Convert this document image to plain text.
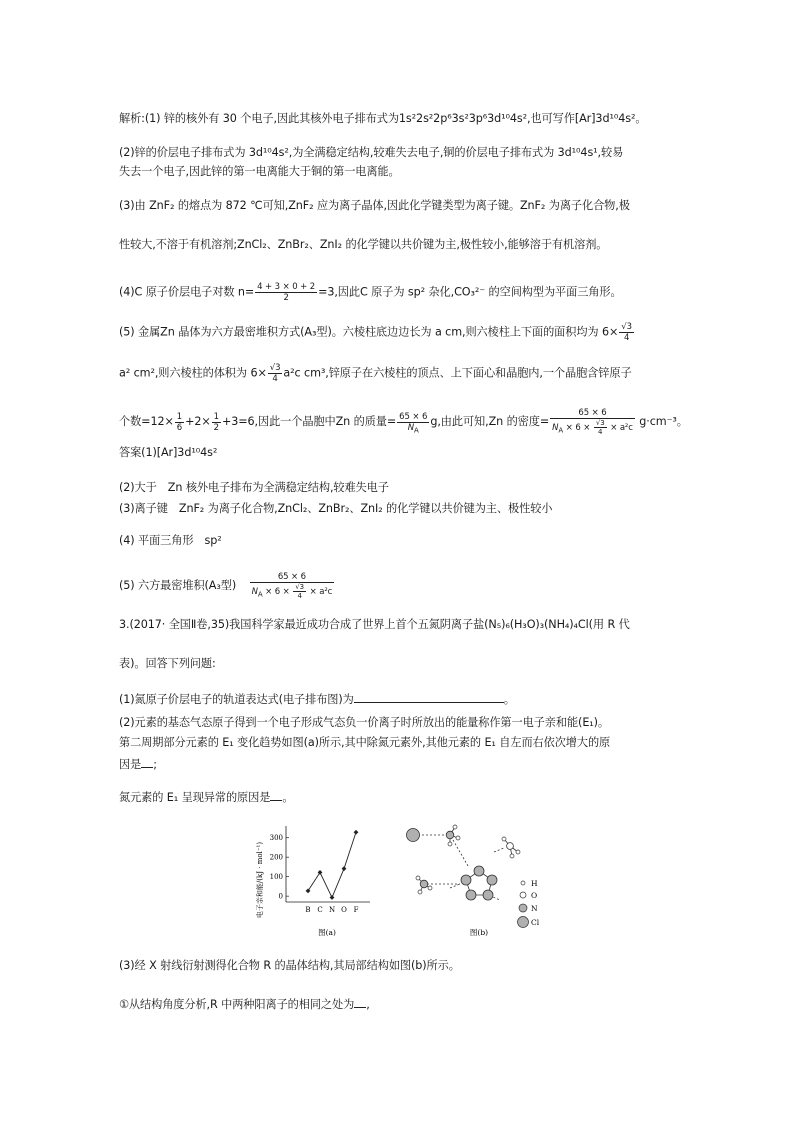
解析:(1) 锌的核外有 30 个电子,因此其核外电子排布式为1s²2s²2p⁶3s²3p⁶3d¹⁰4s²,也可写作[Ar]3d¹⁰4s²。
(2)锌的价层电子排布式为 3d¹⁰4s²,为全满稳定结构,较难失去电子,铜的价层电子排布式为 3d¹⁰4s¹,较易
失去一个电子,因此锌的第一电离能大于铜的第一电离能。
(3)由 ZnF₂ 的熔点为 872 ℃可知,ZnF₂ 应为离子晶体,因此化学键类型为离子键。ZnF₂ 为离子化合物,极
性较大,不溶于有机溶剂;ZnCl₂、ZnBr₂、ZnI₂ 的化学键以共价键为主,极性较小,能够溶于有机溶剂。
(4)C 原子价层电子对数 $n= \frac{4 + 3 \times 0 + 2}{2} =3$,因此C 原子为 sp² 杂化,CO₃²⁻ 的空间构型为平面三角形。
(5) 金属Zn 晶体为六方最密堆积方式(A₃型)。六棱柱底边边长为 a cm,则六棱柱上下面的面积均为 $6\times \frac{√3}{4}$
a² cm²,则六棱柱的体积为 $6\times \frac{√3}{4} a^2c$ cm³,锌原子在六棱柱的顶点、上下面心和晶胞内,一个晶胞含锌原子
个数$=12\times \frac{1}{6} +2\times \frac{1}{2} +3=6$,因此一个晶胞中Zn 的质量= $\frac{65 \times 6}{N_A} g$,由此可知,Zn 的密度= $\frac{65 \times 6}{N_A \times 6 \times \frac{√3}{4} \times a^2c} g\cdot cm^{-3}$。
答案(1)[Ar]3d¹⁰4s²
(2)大于　Zn 核外电子排布为全满稳定结构,较难失电子
(3)离子键　ZnF₂ 为离子化合物,ZnCl₂、ZnBr₂、ZnI₂ 的化学键以共价键为主、极性较小
(4) 平面三角形　sp²
(5) 六方最密堆积(A₃型) $\frac{65 \times 6}{N_A \times 6 \times \frac{√3}{4} \times a^2c}$
3.(2017· 全国Ⅱ卷,35)我国科学家最近成功合成了世界上首个五氮阴离子盐(N₅)₆(H₃O)₃(NH₄)₄Cl(用 R 代
表)。回答下列问题:
(1)氮原子价层电子的轨道表达式(电子排布图)为	。
(2)元素的基态气态原子得到一个电子形成气态负一价离子时所放出的能量称作第一电子亲和能(E₁)。
第二周期部分元素的 E₁ 变化趋势如图(a)所示,其中除氮元素外,其他元素的 E₁ 自左而右依次增大的原
因是 ;
氮元素的 E₁ 呈现异常的原因是 。
电子亲和能/(kJ · mol⁻¹)
300
200
100
0
B C N O F
图(a)
H
O
N
Cl
图(b)
(3)经 X 射线衍射测得化合物 R 的晶体结构,其局部结构如图(b)所示。
①从结构角度分析,R 中两种阳离子的相同之处为 ,
